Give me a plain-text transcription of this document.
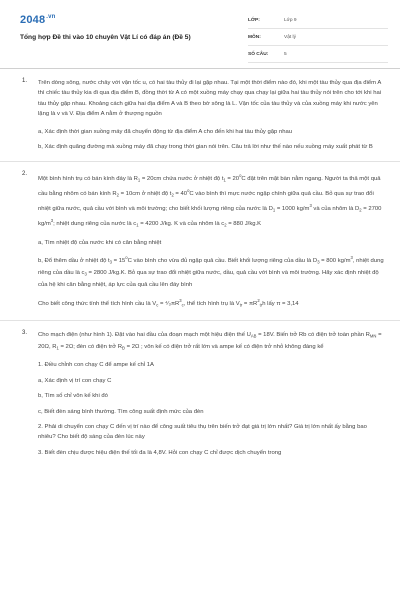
$2048^{.vn}$
Tổng hợp Đề thi vào 10 chuyên Vật Lí có đáp án (Đề 5)
LỚP:	Lớp 9
MÔN:	Vật lý
SỐ CÂU:	5
1. Trên dòng sông, nước chảy với vận tốc u, có hai tàu thủy đi lại gặp nhau. Tại một thời điểm nào đó, khi một tàu thủy qua địa điểm A thì chiếc tàu thủy kia đi qua địa điểm B, đồng thời từ A có một xuồng máy chạy qua chạy lại giữa hai tàu thủy nói trên cho tới khi hai tàu thủy gặp nhau. Khoảng cách giữa hai địa điểm A và B theo bờ sông là L. Vận tốc của tàu thủy và của xuồng máy khi nước yên lặng là v và V. Địa điểm A nằm ở thượng nguồn

a, Xác định thời gian xuồng máy đã chuyển động từ địa điểm A cho đến khi hai tàu thủy gặp nhau

b, Xác định quãng đường mà xuồng máy đã chạy trong thời gian nói trên. Câu trả lời như thế nào nếu xuồng máy xuất phát từ B

2.

Một bình hình trụ có bán kính đáy là $R_1 = 20cm$ chứa nước ở nhiệt độ $t_1 = 20^oC$ đặt trên mặt bàn nằm ngang. Người ta thả một quả cầu bằng nhôm có bán kính $R_2 = 10cm$ ở nhiệt độ $t_2 = 40^oC$ vào bình thì mực nước ngập chính giữa quả cầu. Bỏ qua sự trao đổi nhiệt giữa nước, quả cầu với bình và môi trường; cho biết khối lượng riêng của nước là $D_1 = 1000$ $kg/m^3$ và của nhôm là $D_2 = 2700$ $kg/m^3$; nhiệt dung riêng của nước là $c_1 = 4200$ J/kg. K và của nhôm là $c_2 = 880$ J/kg.K

a, Tìm nhiệt độ của nước khi có cân bằng nhiệt

b, Đổ thêm dầu ở nhiệt độ $t_3 = 15^oC$ vào bình cho vừa đủ ngập quả cầu. Biết khối lượng riêng của dầu là $D_3 = 800$ $kg/m^3$, nhiệt dung riêng của dầu là $c_3 = 2800$ J/kg.K. Bỏ qua sự trao đổi nhiệt giữa nước, dầu, quả cầu với bình và môi trường. Hãy xác định nhiệt độ của hệ khi cân bằng nhiệt, áp lực của quả cầu lên đáy bình

Cho biết công thức tính thể tích hình cầu là $V_c$ = $^4⁄_3\pi R^3_c$, thể tích hình trụ là $V_{tr} = \pi R^2_{tr}h$ lấy π = 3,14

3. Cho mạch điện (như hình 1). Đặt vào hai đầu của đoạn mạch một hiệu điện thế $U_{AB} = 18V$. Biến trở Rb có điện trở toàn phần $R_{MN} = 20\Omega$, $R_1 = 2\Omega$; đèn có điện trở $R_Đ = 2\Omega$ ; vôn kế có điện trở rất lớn và ampe kế có điện trở nhỏ không đáng kể

1. Điều chỉnh con chạy C để ampe kế chỉ 1A

a, Xác định vị trí con chạy C

b, Tìm số chỉ vôn kế khi đó

c, Biết đèn sáng bình thường. Tìm công suất định mức của đèn

2. Phải di chuyển con chạy C đến vị trí nào để công suất tiêu thụ trên biến trở đạt giá trị lớn nhất? Giá trị lớn nhất ấy bằng bao nhiêu? Cho biết độ sáng của đèn lúc này

3. Biết đèn chịu được hiệu điện thế tối đa là 4,8V. Hỏi con chạy C chỉ được dịch chuyển trong
